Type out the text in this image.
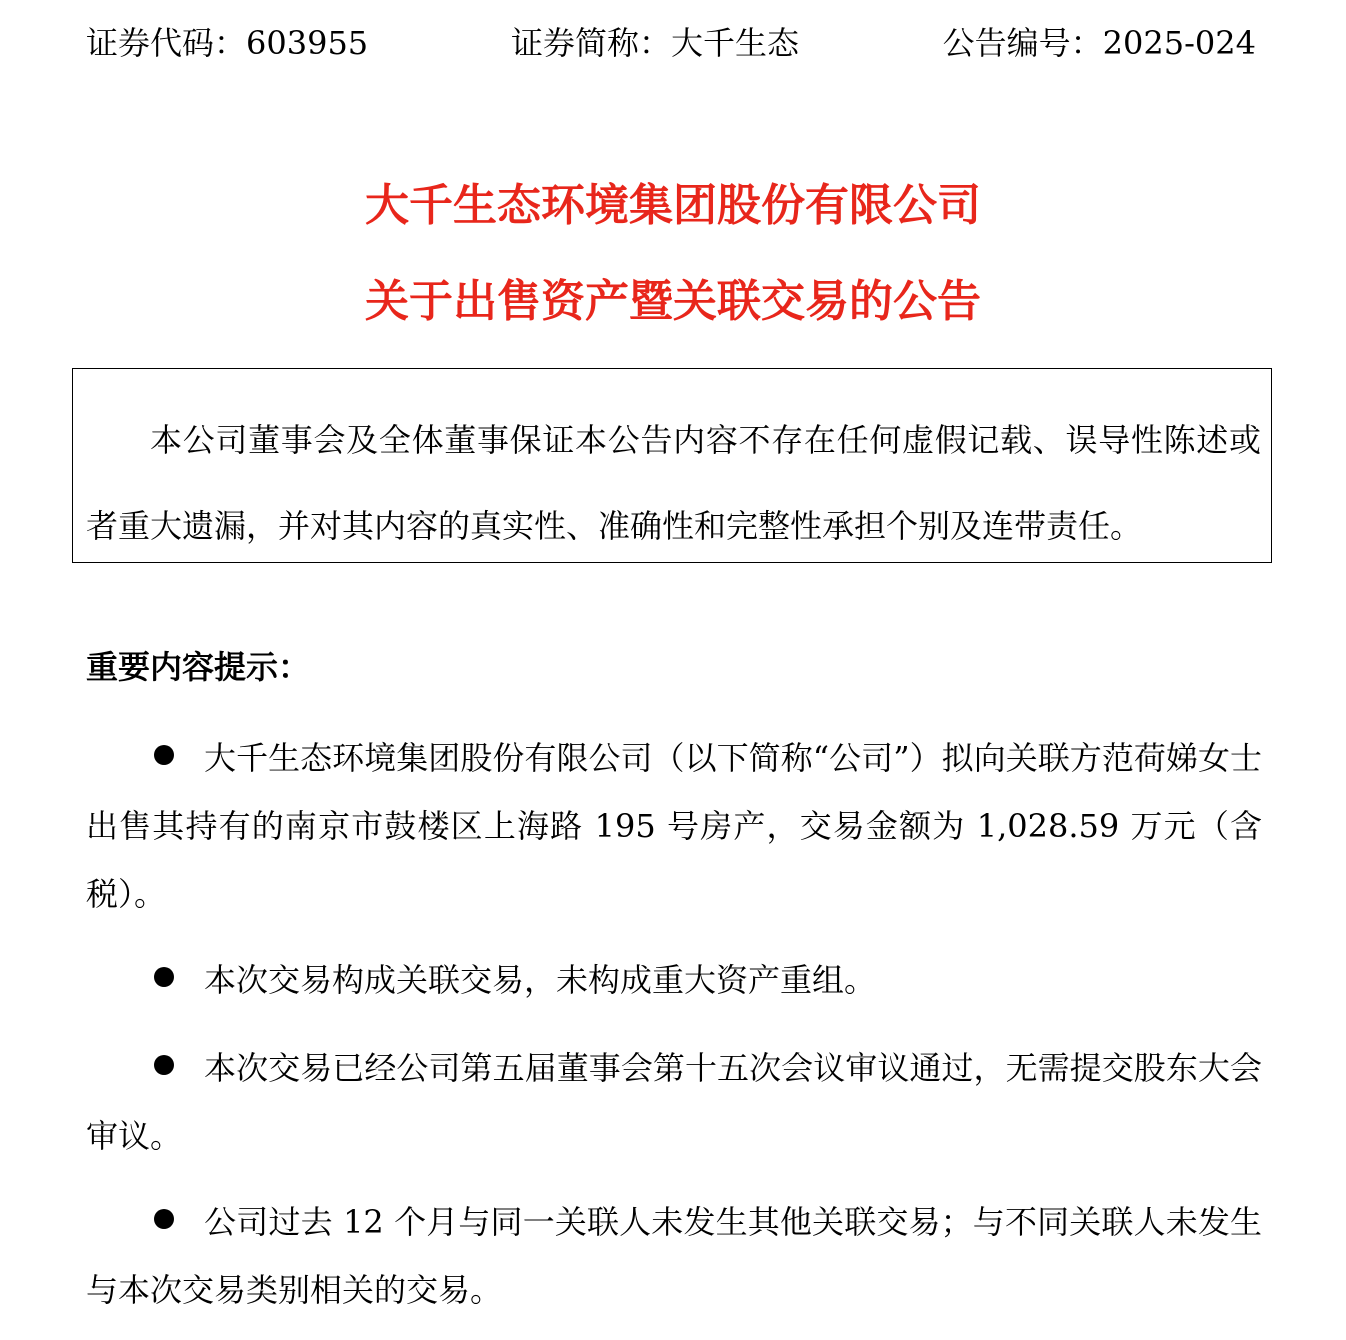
证券代码：603955	证券简称：大千生态	公告编号：2025-024
大千生态环境集团股份有限公司
关于出售资产暨关联交易的公告
本公司董事会及全体董事保证本公告内容不存在任何虚假记载、误导性陈述或者重大遗漏，并对其内容的真实性、准确性和完整性承担个别及连带责任。
重要内容提示：
大千生态环境集团股份有限公司（以下简称“公司”）拟向关联方范荷娣女士出售其持有的南京市鼓楼区上海路 195 号房产，交易金额为 1,028.59 万元（含税）。
本次交易构成关联交易，未构成重大资产重组。
本次交易已经公司第五届董事会第十五次会议审议通过，无需提交股东大会审议。
公司过去 12 个月与同一关联人未发生其他关联交易；与不同关联人未发生与本次交易类别相关的交易。
